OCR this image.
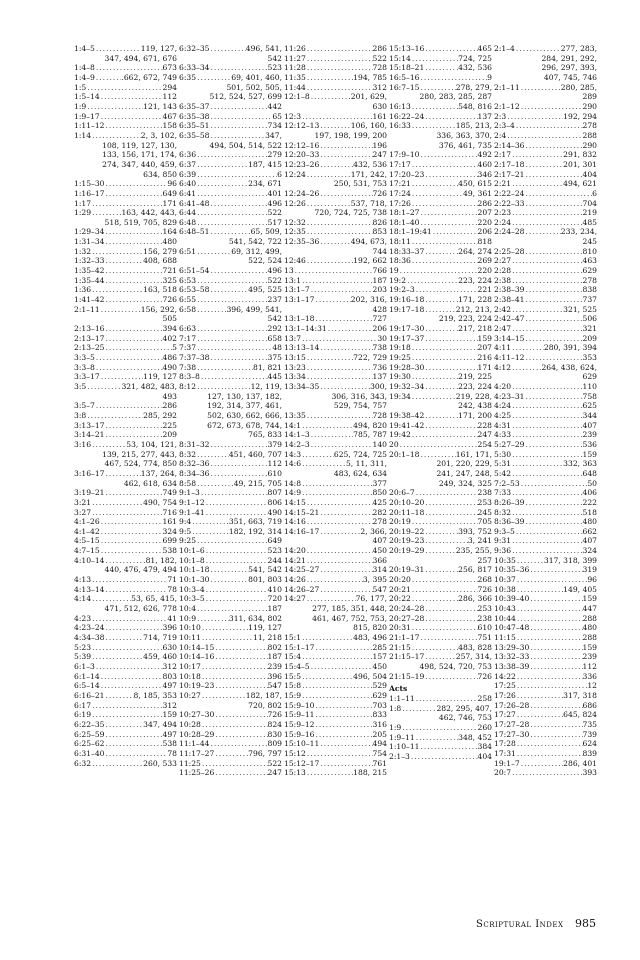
1:4–5 .....	119, 127,
347, 494, 671, 676
1:4–8 .....	673
1:4–9 .....	.662, 672, 749
1:5 .....	294
1:5–14 .....	112
1:9 .....	121, 143
1:9–17 .....	467
1:11–12 .....	158
1:14 .....	2, 3, 102,
108, 119, 127, 130,
133, 156, 171, 174,
274, 347, 440, 459,
634, 850
1:15–30 .....	96
1:16–17 .....	649
1:17 .....	171
1:29 .....	163, 442, 443,
518, 519, 705, 829
1:29–34 .....	164
1:31–34 .....	480
1:32 .....	156, 279
1:32–33 .....	408, 688
1:35–42 .....	721
1:35–44 .....	325
1:36 .....	163, 518
1:41–42 .....	726
2:1–11 .....	156, 292,
505
2:13–16 .....	394
2:13–17 .....	402
2:13–25 .....	5
3:3–5 .....	486
3:3–8 .....	490
3:3–17 .....	119, 127
3:5 .....	321, 482, 483,
493
3:5–7 .....	286
3:8 .....	285, 292
3:13–17 .....	225
3:14–21 .....	209
3:16 .....	53, 104, 121,
139, 215, 277, 443,
467, 524, 774, 850
3:16–17 .....	137, 264,
462, 618, 634
3:19–21 .....	749
3:21 .....	490, 754
3:27 .....	716
4:1–26 .....	161
4:1–42 .....	324
4:5–15 .....	699
4:7–15 .....	538
4:10–14 .....	81, 182,
440, 476, 479, 494
4:13 .....	71
4:13–14 .....	78
4:14 .....	53, 65, 415,
471, 512, 626, 778
4:23 .....	41
4:23–24 .....	396
4:34–38 .....	714, 719
5:23 .....	630
5:39 .....	459, 460
6:1–3 .....	312
6:1–14 .....	803
6:5–14 .....	497
6:16–21 .....	8, 185, 353
6:17 .....	312
6:19 .....	159
6:22–35 .....	347, 494
6:25–59 .....	497
6:25–62 .....	538
6:31–40 .....	78
6:32 .....	260, 533
6:32–35 .....	496, 541,
542
6:33–34 .....	523
6:35 .....	69, 401, 460,
501, 502, 505,
512, 524, 527, 699
6:35–37 .....	442
6:35–38 .....	65
6:35–51 .....	734
6:35–58 .....	347,
494, 504, 514, 522
6:36 .....	279
6:37 .....	187, 415
6:39 .....	6
6:40 .....	234, 671
6:41 .....	401
6:41–48 .....	496
6:44 .....	522
6:48 .....	517
6:48–51 .....	65, 509,
541, 542, 722
6:51 .....	69, 312, 499,
522, 524
6:51–54 .....	496
6:53 .....	522
6:53–58 .....	495, 525
6:55 .....	237
6:58 .....	396, 499, 541,
542
6:63 .....	292
7:17 .....	658
7:37 .....	48
7:37–38 .....	375
7:38 .....	81, 821
8:3–8 .....	445
8:12 .....	12, 119,
127, 130, 137, 182,
192, 314, 377, 461,
502, 630, 662, 666,
672, 673, 678, 744,
765, 833
8:31–32 .....	379
8:32 .....	451, 460, 707
8:32–36 .....	112
8:34–36 .....	610
8:58 .....	49, 215, 705
9:1–3 .....	807
9:1–12 .....	806
9:1–41 .....	490
9:4 .....	351, 663, 719
9:5 .....	182, 192, 314
9:25 .....	649
10:1–6 .....	523
10:1–8 .....	244
10:1–18 .....	541, 542
10:1–30 .....	801, 803
10:3–4 .....	410
10:3–5 .....	720
10:4 .....	187
10:9 .....	311, 634, 802
10:10 .....	119, 127
10:11 .....	11, 218
10:14–15 .....	802
10:14–16 .....	187
10:17 .....	239
10:18 .....	396
10:19–23 .....	547
10:27 .....	182, 187,
720, 802
10:27–30 .....	726
10:28 .....	824
10:28–29 .....	830
11:1–44 .....	809
11:17–27 .....	796, 797
11:25 .....	522
11:25–26 .....	247
11:26 .....	286
11:27 .....	522
11:28 .....	728
11:35 .....	194, 785
11:44 .....	312
12:1–8 .....	201, 629,
630
12:3 .....	161
12:12–13 .....	106, 160,
197, 198, 199, 200
12:12–16 .....	196
12:20–33 .....	247
12:23–26 .....	432, 536
12:24 .....	171, 242,
250, 531, 753
12:24–26 .....	726
12:26 .....	537, 718,
720, 724, 725, 738
12:32 .....	826
12:35 .....	853
12:35–36 .....	494, 673,
744
12:46 .....	192, 662
13 .....	766
13:1 .....	187
13:1–7 .....	203
13:1–17 .....	202, 316,
428
13:1–18 .....	727
13:1–14:31 .....	206
13:7 .....	30
13:13–14 .....	738
13:15 .....	722, 729
13:23 .....	736
13:34 .....	137
13:34–35 .....	300,
306, 316, 343,
529, 754, 757
13:35 .....	728
14:1 .....	494, 820
14:1–3 .....	785, 787
14:2–3 .....	140
14:3 .....	625, 724, 725
14:6 .....	5, 11, 311,
483, 624, 634
14:8 .....	377
14:9 .....	850
14:15 .....	425
14:15–21 .....	282
14:16 .....	278
14:16–17 .....	2, 366,
407
14:20 .....	450
14:21 .....	366
14:25–27 .....	314
14:26 .....	3, 395
14:26–27 .....	547
14:27 .....	76, 177,
277, 185, 351, 448,
461, 467, 752, 753,
815, 820
15:1 .....	483, 496
15:1–17 .....	285
15:4 .....	157
15:4–5 .....	450
15:5 .....	496, 504
15:8 .....	529
15:9 .....	629
15:9–10 .....	703
15:9–11 .....	833
15:9–12 .....	316
15:9–16 .....	205
15:10–11 .....	494
15:12 .....	754
15:12–17 .....	761
15:13 .....	188, 215
15:13–16 .....	465
15:14 .....	724, 725
15:18–21 .....	432, 536
16:5–16 .....	9
16:7–15 .....	278, 279,
280, 283, 285, 287
16:13 .....	548, 816
16:22–24 .....	137
16:33 .....	185, 213,
336, 363, 370,
376, 461, 735
17:9–10 .....	492
17:17 .....	460
17:20–23 .....	346
17:21 .....	450, 615
17:24 .....	49, 361
17:26 .....	286
18:1–27 .....	207
18:1–40 .....	220
18:1–19:41 .....	206
18:11 .....	818
18:33–37 .....	264, 274
18:36 .....	269
19 .....	220
19:2 .....	223, 224
19:2–3 .....	221
19:16–18 .....	171, 228
19:17–18 .....	212, 213,
219, 223, 224
19:17–30 .....	217, 218
19:17–37 .....	159
19:18 .....	207
19:25 .....	216
19:28–30 .....	171
19:30 .....	219, 225
19:32–34 .....	223, 224
19:34 .....	219, 228,
242, 438
19:38–42 .....	171, 200
19:41–42 .....	228
19:42 .....	247
20 .....	254
20:1–18 .....	161, 171,
201, 220, 229,
241, 247, 248,
249, 324, 325
20:6–7 .....	238
20:10–20 .....	253
20:11–18 .....	245
20:19 .....	705
20:19–22 .....	393, 752
20:19–23 .....	3, 241
20:19–29 .....	235, 255,
257
20:19–31 .....	256, 817
20:20 .....	268
20:21 .....	726
20:22 .....	286, 366
20:24–28 .....	253
20:27–28 .....	238
20:31 .....	610
21:1–17 .....	751
21:15 .....	483, 828
21:15–17 .....	257, 314,
498, 524, 720, 753
21:15–19 .....	726
Acts
1:1–11 .....	258
1:8 .....	282, 295, 407,
462, 746, 753
1:9 .....	260
1:9–11 .....	348, 452
1:10–11 .....	384
2:1–3 .....	404
2:1–4 .....	277, 283,
284, 291, 292,
296, 297, 393,
407, 745, 746
2:1–11 .....	280, 285,
289
2:1–12 .....	290
2:3 .....	192, 294
2:3–4 .....	278
2:4 .....	288
2:14–36 .....	290
2:17 .....	291, 832
2:17–18 .....	201, 301
2:17–21 .....	404
2:21 .....	494, 621
2:22–24 .....	6
2:22–33 .....	704
2:23 .....	219
2:24 .....	485
2:24–28 .....	233, 234,
245
2:25–28 .....	810
2:27 .....	463
2:28 .....	629
2:38 .....	278
2:38–39 .....	838
2:38–41 .....	737
2:42 .....	321, 525
2:42–47 .....	506
2:47 .....	321
3:14–15 .....	209
4:11 .....	280, 391, 394
4:11–12 .....	353
4:12 .....	264, 438, 624,
629
4:20 .....	110
4:23–31 .....	758
4:24 .....	625
4:25 .....	344
4:31 .....	407
4:33 .....	239
5:27–29 .....	536
5:30 .....	159
5:31 .....	332, 363
5:42 .....	648
7:2–53 .....	50
7:33 .....	406
8:26–39 .....	222
8:32 .....	518
8:36–39 .....	480
9:3–5 .....	662
9:31 .....	407
9:36 .....	324
10:35 .....	317, 318, 399
10:35–36 .....	319
10:37 .....	96
10:38 .....	149, 405
10:39–40 .....	159
10:43 .....	447
10:44 .....	288
10:47–48 .....	480
11:15 .....	288
13:29–30 .....	159
13:32–33 .....	239
13:38–39 .....	112
14:22 .....	336
17:25 .....	12
17:26 .....	317, 318
17:26–28 .....	686
17:27 .....	645, 824
17:27–28 .....	735
17:27–30 .....	739
17:28 .....	624
17:31 .....	839
19:1–7 .....	286, 401
20:7 .....	393
Scriptural Index 985
